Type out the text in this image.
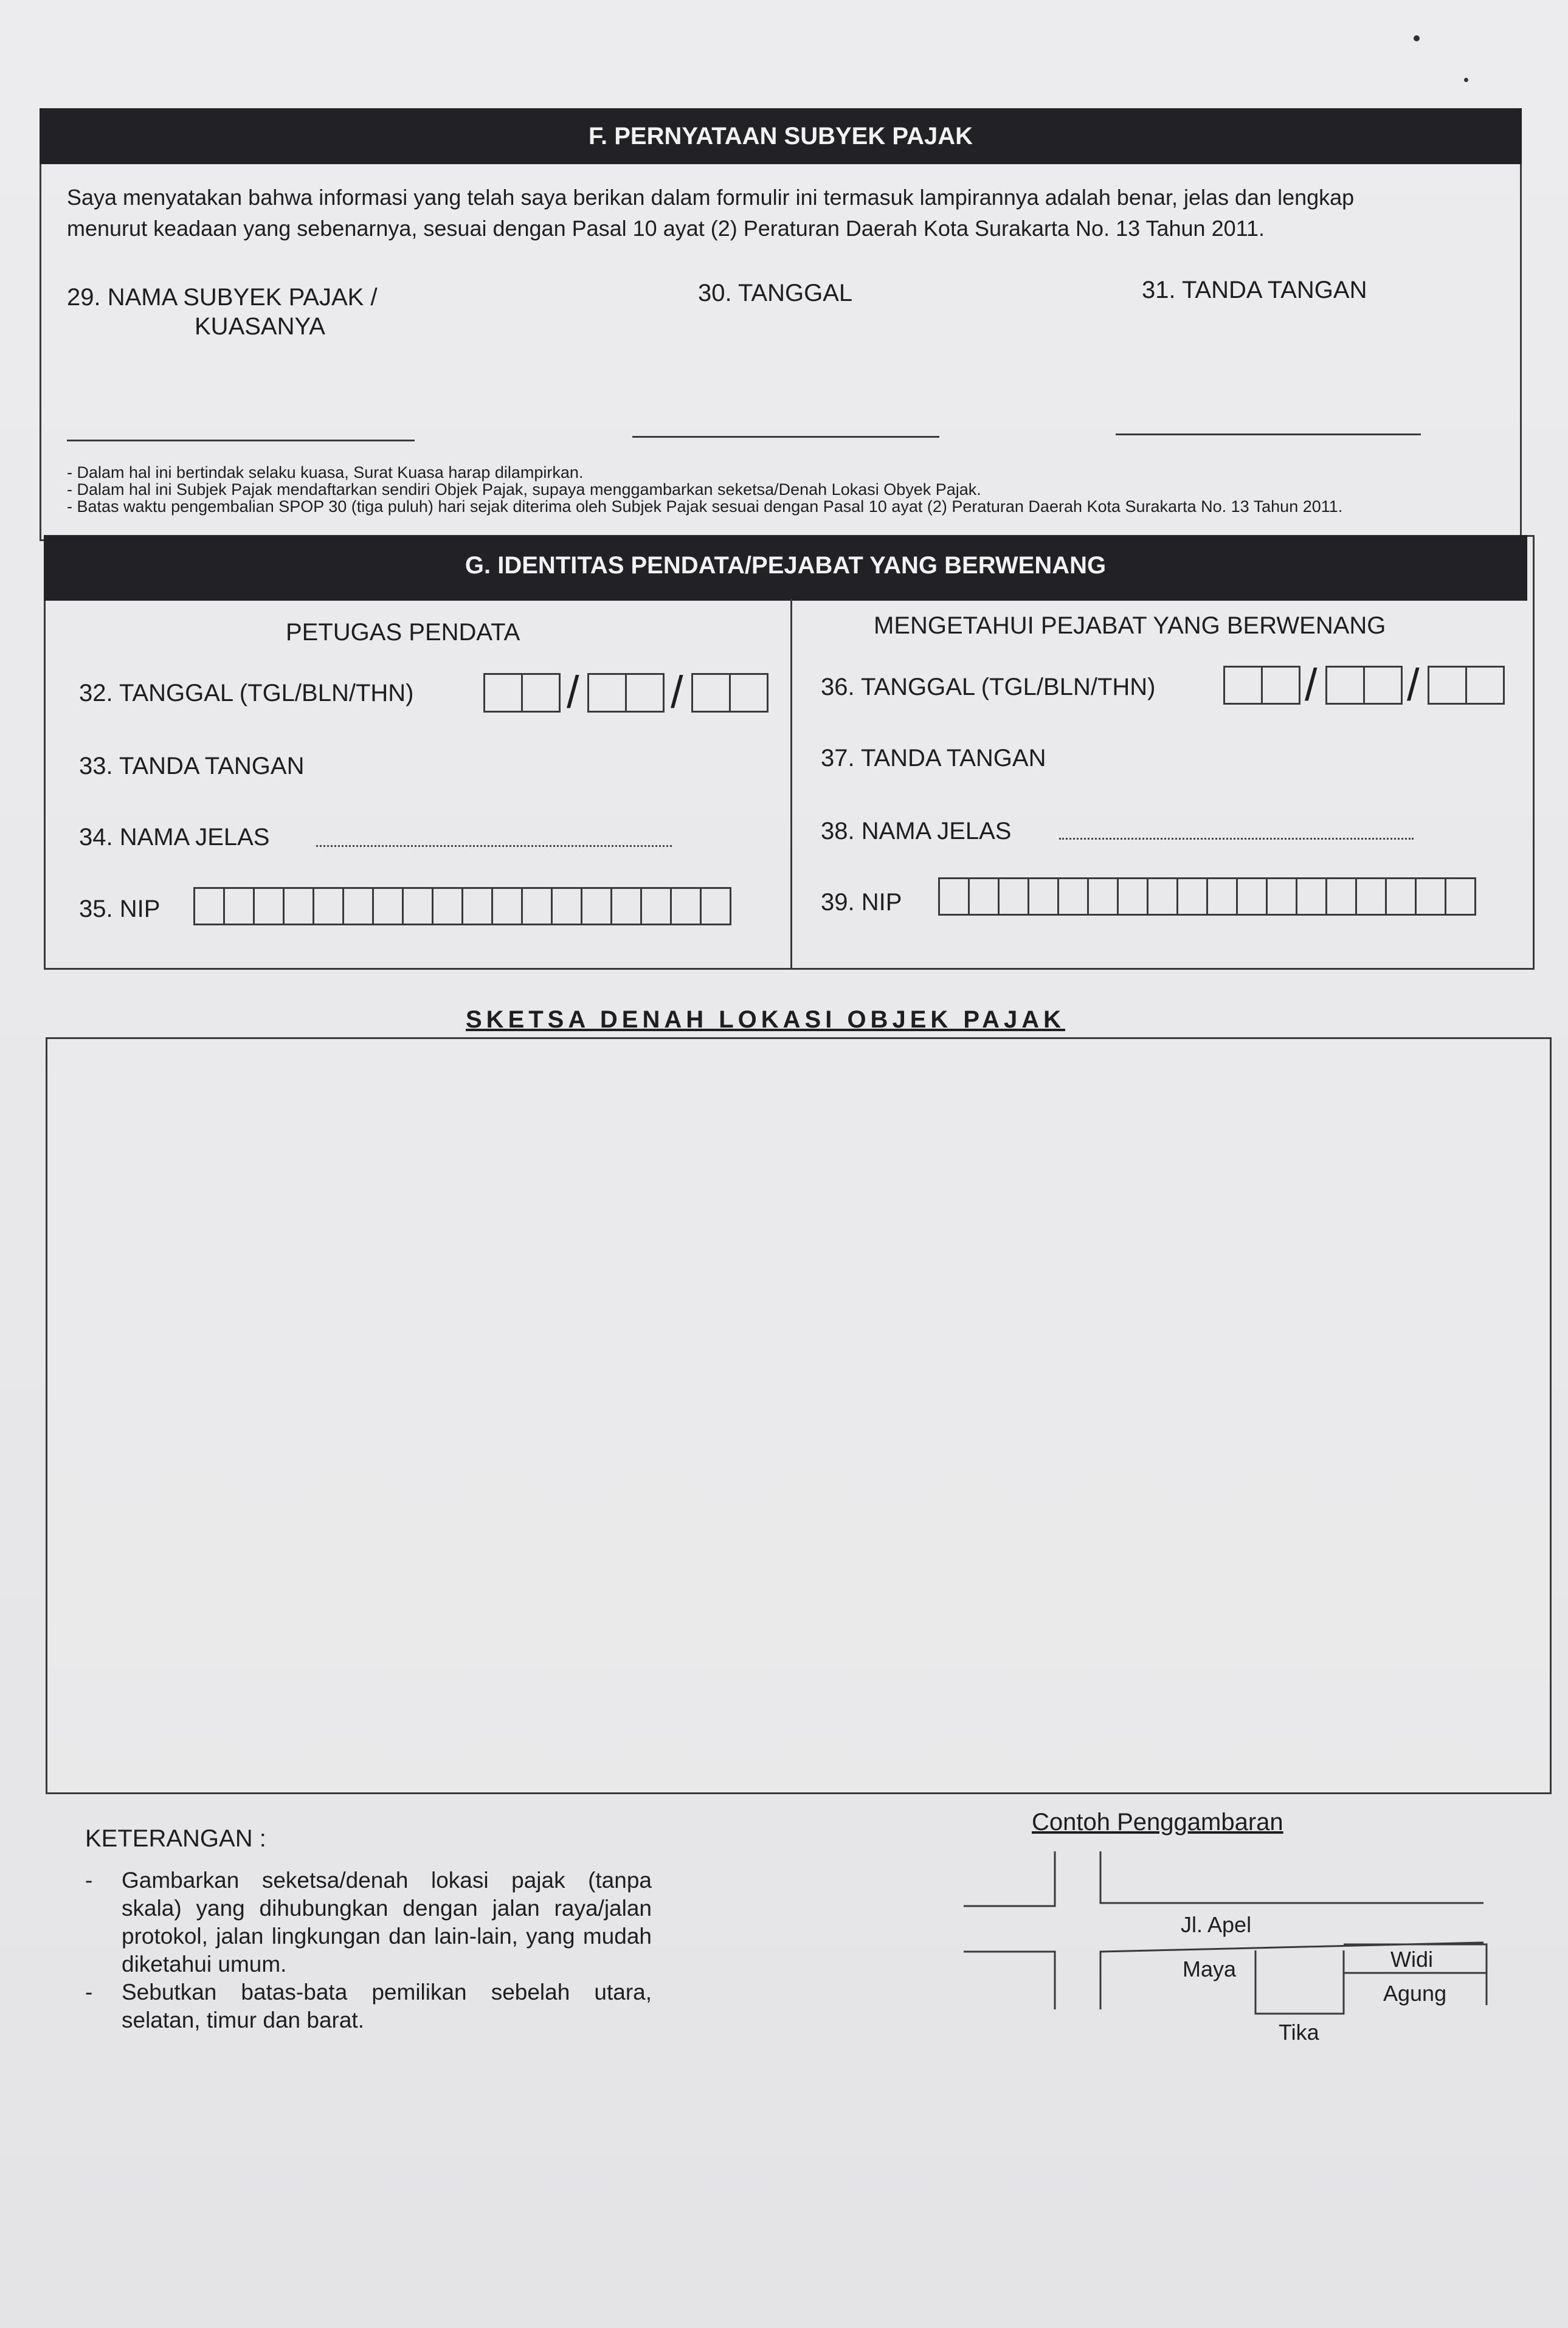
F. PERNYATAAN SUBYEK PAJAK
Saya menyatakan bahwa informasi yang telah saya berikan dalam formulir ini termasuk lampirannya adalah benar, jelas dan lengkap
menurut keadaan yang sebenarnya, sesuai dengan Pasal 10 ayat (2) Peraturan Daerah Kota Surakarta No. 13 Tahun 2011.
29. NAMA SUBYEK PAJAK /
KUASANYA
30. TANGGAL	31. TANDA TANGAN
- Dalam hal ini bertindak selaku kuasa, Surat Kuasa harap dilampirkan.
- Dalam hal ini Subjek Pajak mendaftarkan sendiri Objek Pajak, supaya menggambarkan seketsa/Denah Lokasi Obyek Pajak.
- Batas waktu pengembalian SPOP 30 (tiga puluh) hari sejak diterima oleh Subjek Pajak sesuai dengan Pasal 10 ayat (2) Peraturan Daerah Kota Surakarta No. 13 Tahun 2011.
G. IDENTITAS PENDATA/PEJABAT YANG BERWENANG
PETUGAS PENDATA
32. TANGGAL (TGL/BLN/THN)	/ /
33. TANDA TANGAN
34. NAMA JELAS
35. NIP
MENGETAHUI PEJABAT YANG BERWENANG
36. TANGGAL (TGL/BLN/THN)	/ /
37. TANDA TANGAN
38. NAMA JELAS
39. NIP
SKETSA DENAH LOKASI OBJEK PAJAK
KETERANGAN :
- Gambarkan seketsa/denah lokasi pajak (tanpa skala) yang dihubungkan dengan jalan raya/jalan protokol, jalan lingkungan dan lain-lain, yang mudah diketahui umum.
- Sebutkan batas-bata pemilikan sebelah utara, selatan, timur dan barat.
Contoh Penggambaran
Jl. Apel
Maya	Widi
Agung
Tika
